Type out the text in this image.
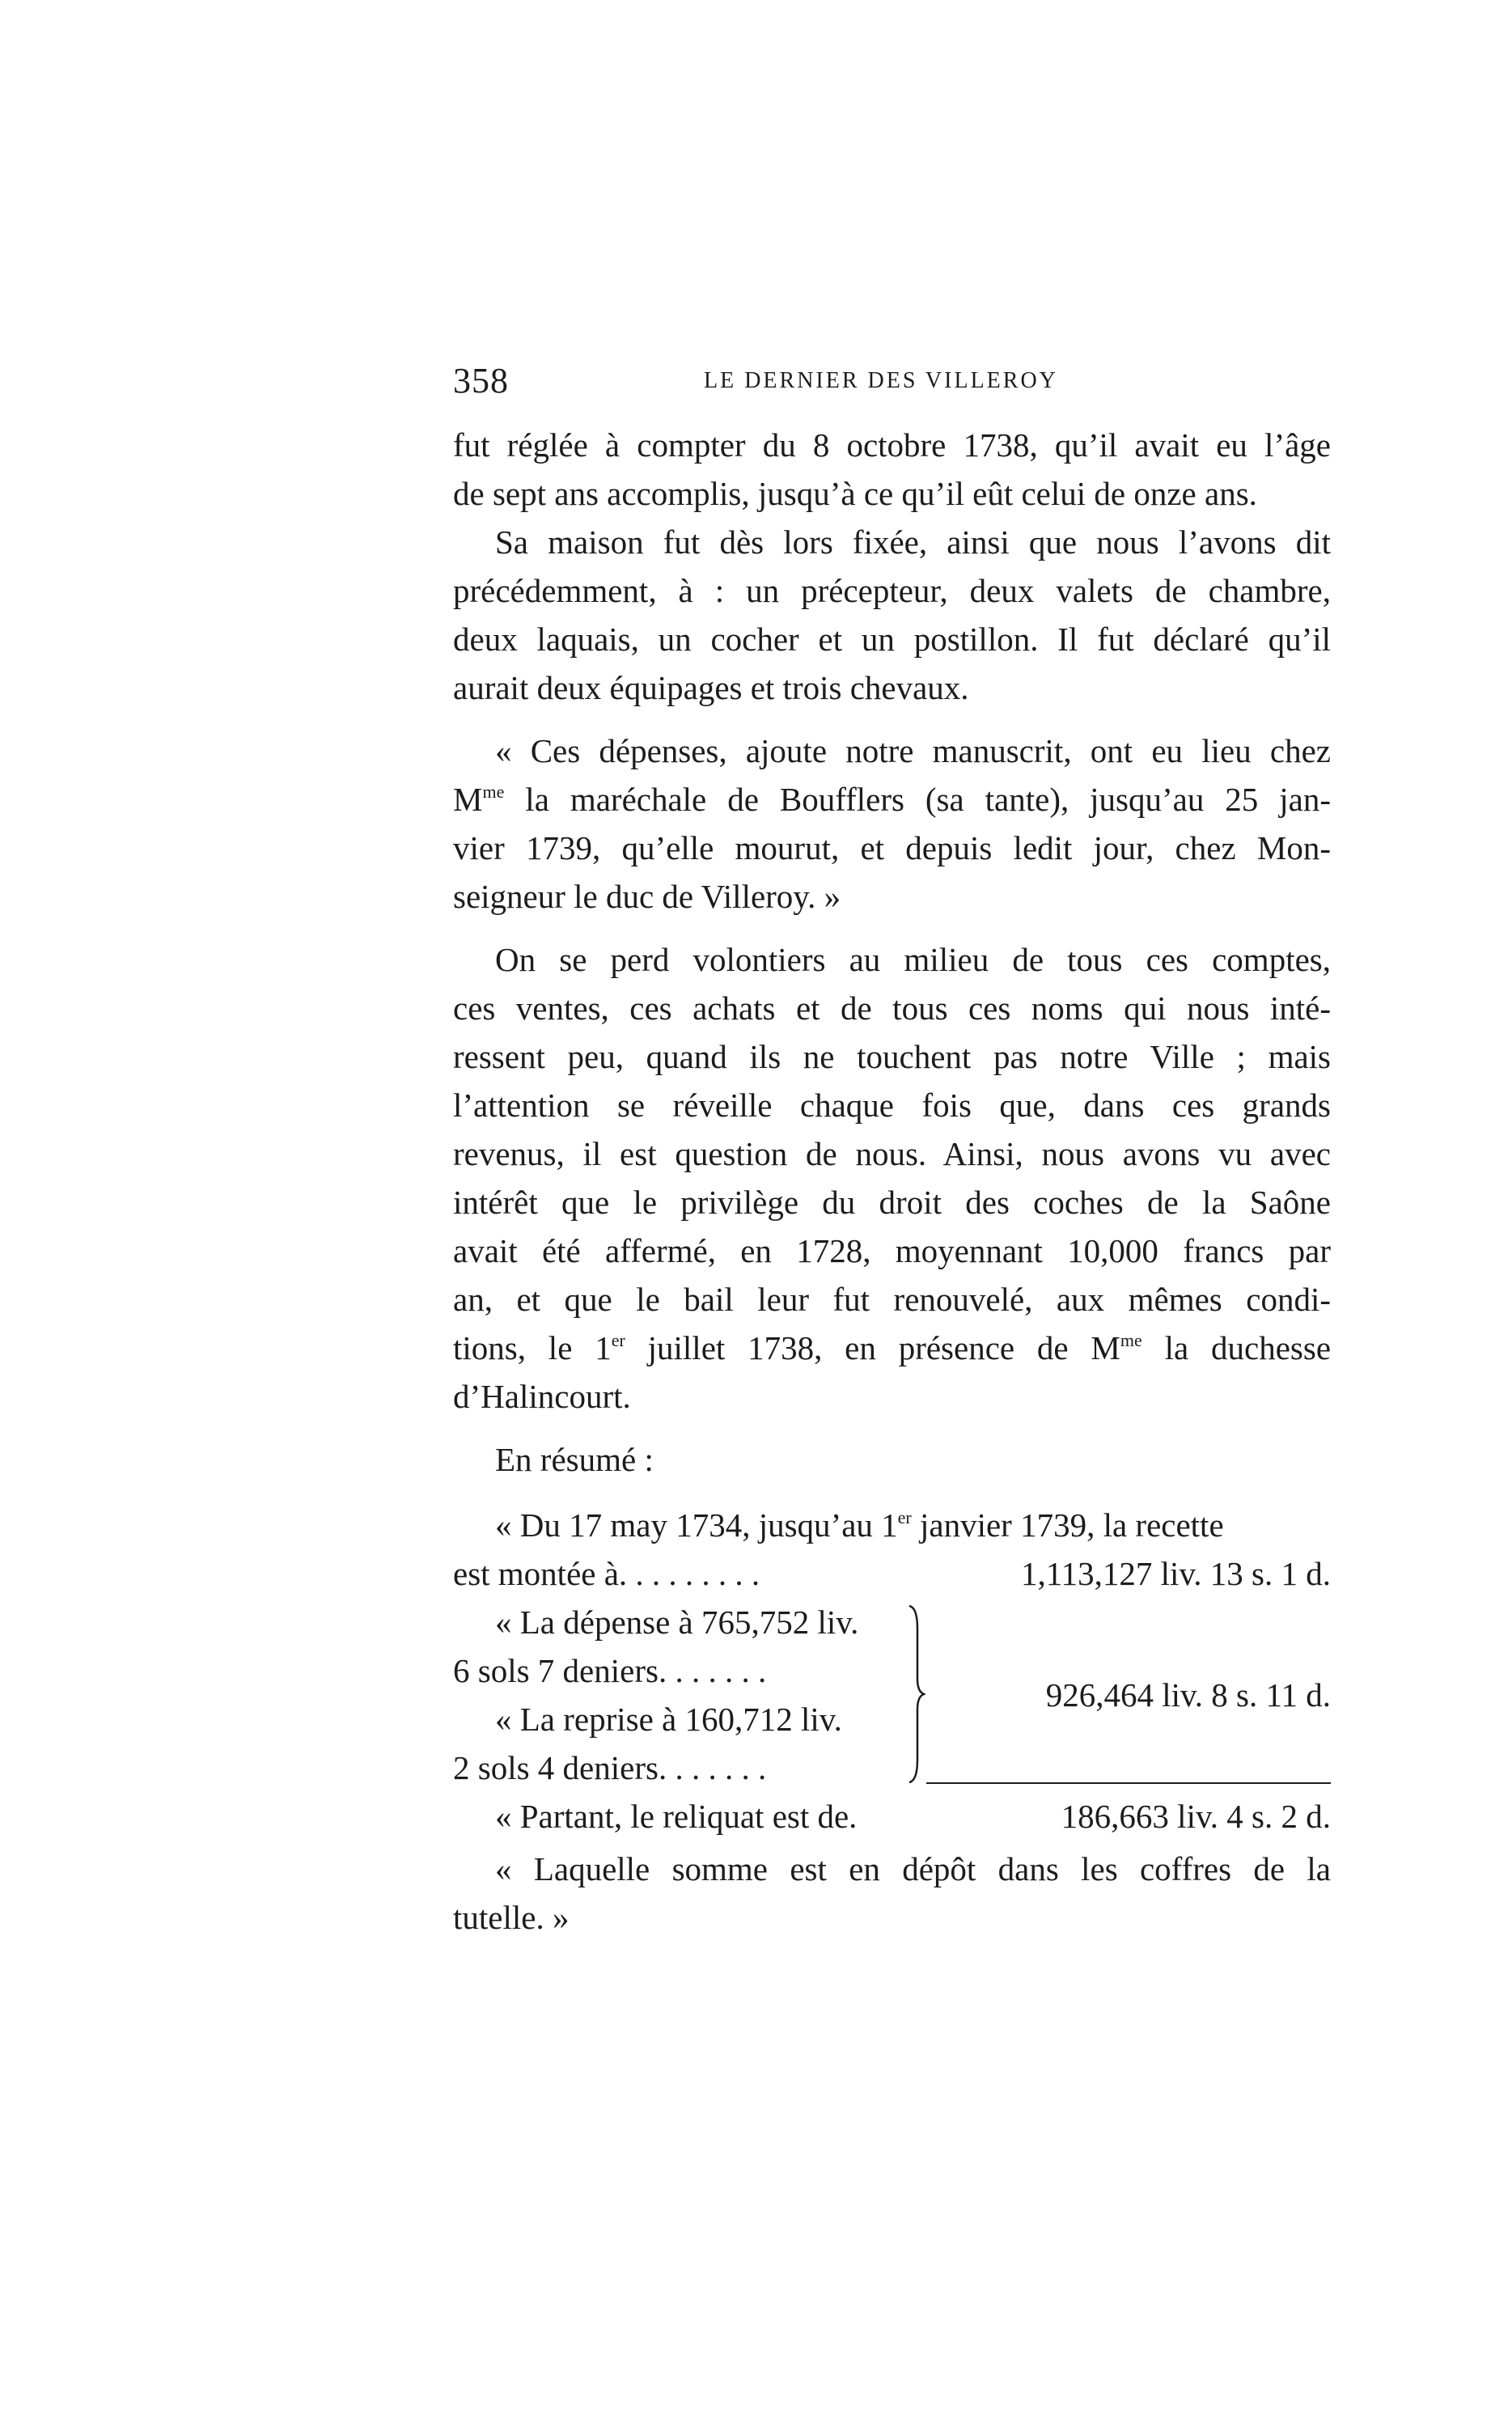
358	LE DERNIER DES VILLEROY

fut réglée à compter du 8 octobre 1738, qu’il avait eu l’âge
de sept ans accomplis, jusqu’à ce qu’il eût celui de onze ans.

Sa maison fut dès lors fixée, ainsi que nous l’avons dit
précédemment, à : un précepteur, deux valets de chambre,
deux laquais, un cocher et un postillon. Il fut déclaré qu’il
aurait deux équipages et trois chevaux.

« Ces dépenses, ajoute notre manuscrit, ont eu lieu chez
$M^{me}$ la maréchale de Boufflers (sa tante), jusqu’au 25 jan-
vier 1739, qu’elle mourut, et depuis ledit jour, chez Mon-
seigneur le duc de Villeroy. »

On se perd volontiers au milieu de tous ces comptes,
ces ventes, ces achats et de tous ces noms qui nous inté-
ressent peu, quand ils ne touchent pas notre Ville ; mais
l’attention se réveille chaque fois que, dans ces grands
revenus, il est question de nous. Ainsi, nous avons vu avec
intérêt que le privilège du droit des coches de la Saône
avait été affermé, en 1728, moyennant 10,000 francs par
an, et que le bail leur fut renouvelé, aux mêmes condi-
tions, le 1er juillet 1738, en présence de $M^{me}$ la duchesse
d’Halincourt.

En résumé :

« Du 17 may 1734, jusqu’au 1er janvier 1739, la recette
est montée à. . . . . . . . .	1,113,127 liv. 13 s. 1 d.
« La dépense à 765,752 liv.
6 sols 7 deniers. . . . . . .
« La reprise à 160,712 liv.
2 sols 4 deniers. . . . . . .
926,464 liv. 8 s. 11 d.
« Partant, le reliquat est de.	186,663 liv. 4 s. 2 d.
« Laquelle somme est en dépôt dans les coffres de la
tutelle. »
